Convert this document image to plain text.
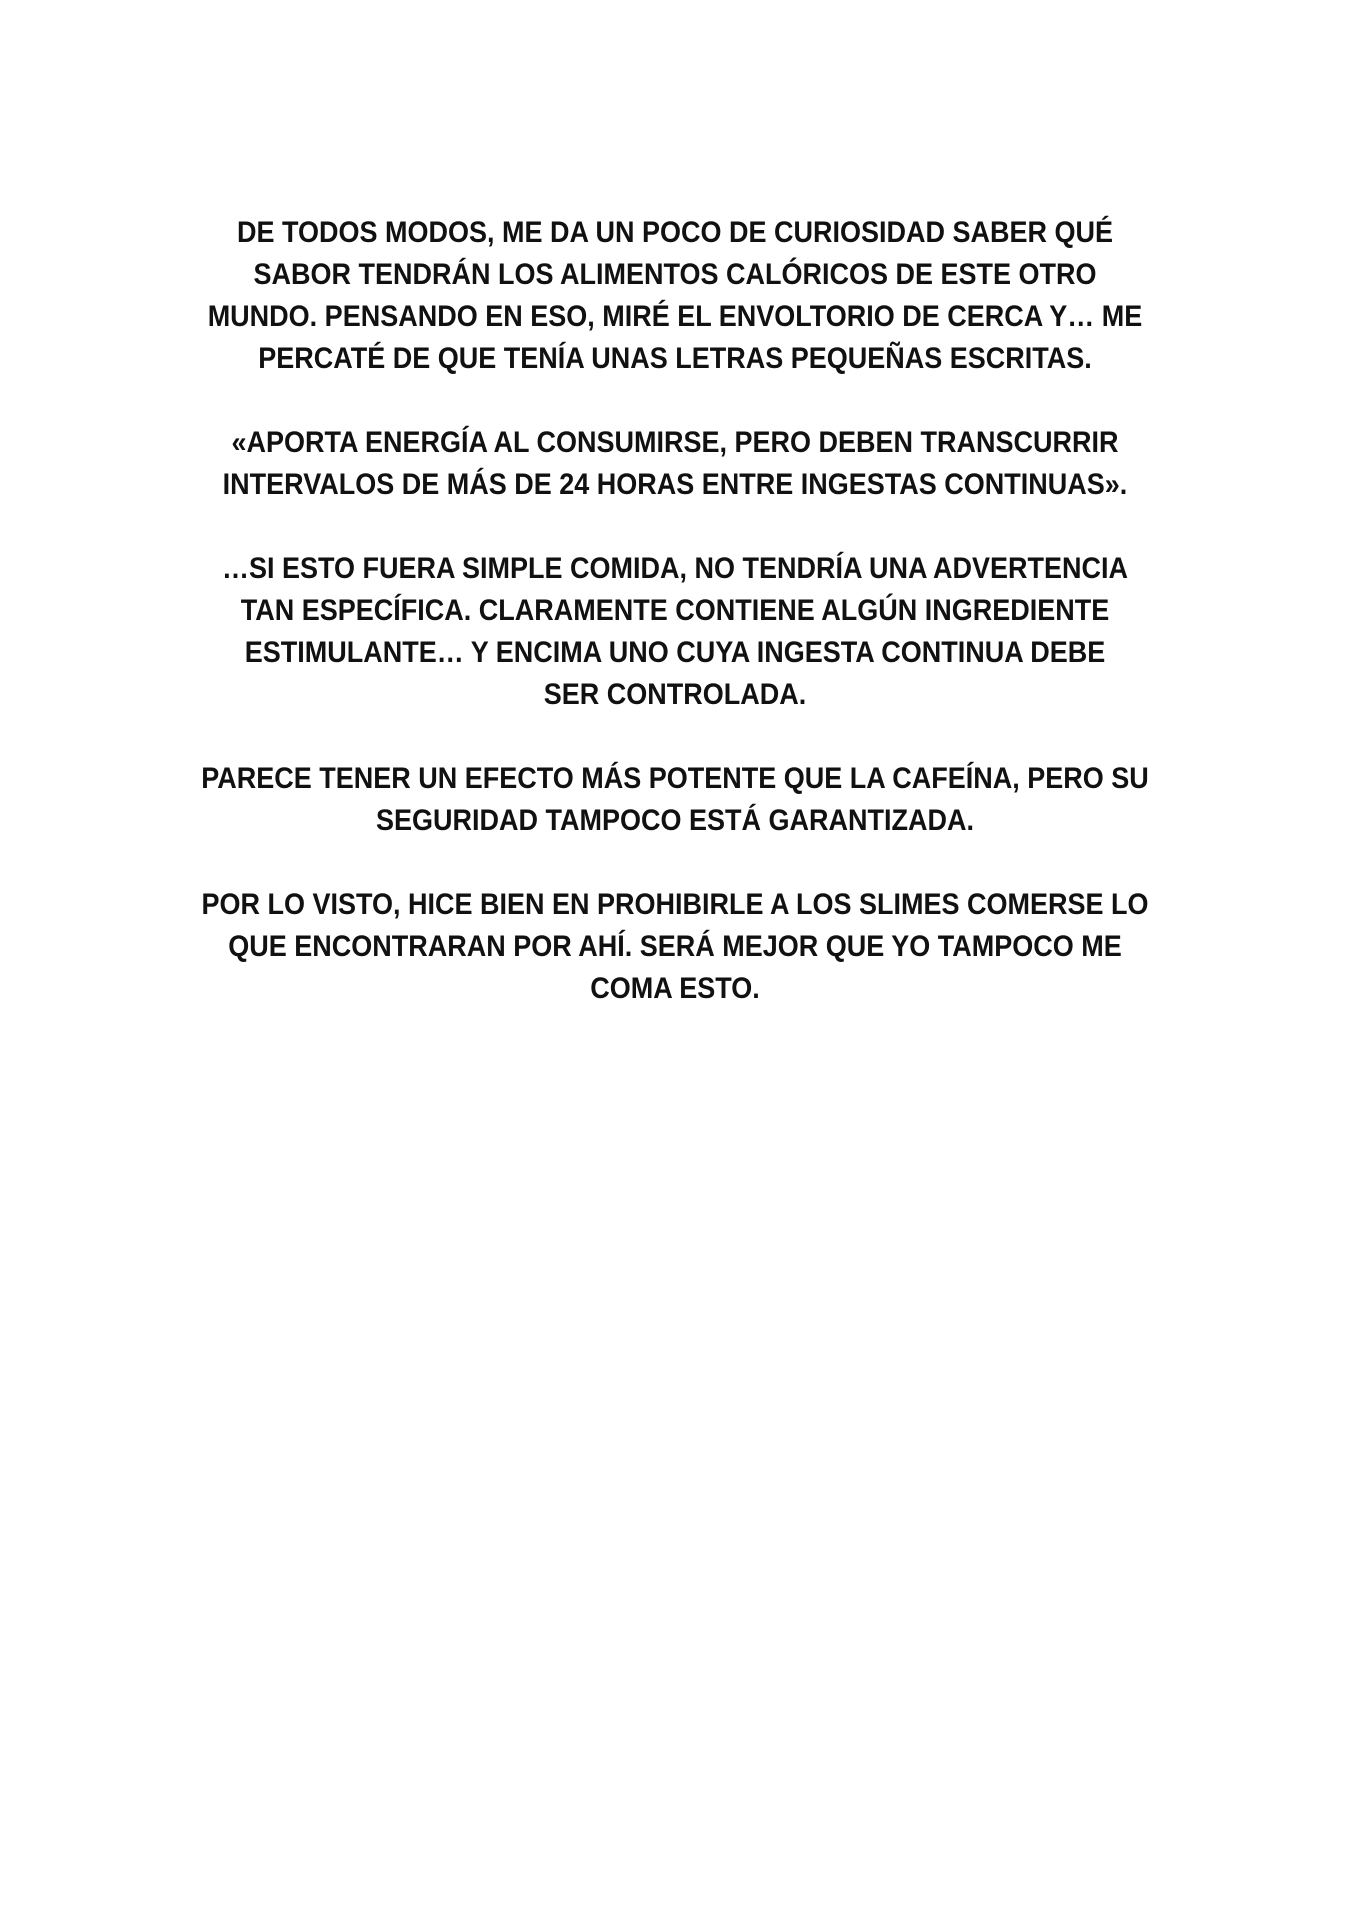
DE TODOS MODOS, ME DA UN POCO DE CURIOSIDAD SABER QUÉ
SABOR TENDRÁN LOS ALIMENTOS CALÓRICOS DE ESTE OTRO
MUNDO. PENSANDO EN ESO, MIRÉ EL ENVOLTORIO DE CERCA Y… ME
PERCATÉ DE QUE TENÍA UNAS LETRAS PEQUEÑAS ESCRITAS.

«APORTA ENERGÍA AL CONSUMIRSE, PERO DEBEN TRANSCURRIR
INTERVALOS DE MÁS DE 24 HORAS ENTRE INGESTAS CONTINUAS».

…SI ESTO FUERA SIMPLE COMIDA, NO TENDRÍA UNA ADVERTENCIA
TAN ESPECÍFICA. CLARAMENTE CONTIENE ALGÚN INGREDIENTE
ESTIMULANTE… Y ENCIMA UNO CUYA INGESTA CONTINUA DEBE
SER CONTROLADA.

PARECE TENER UN EFECTO MÁS POTENTE QUE LA CAFEÍNA, PERO SU
SEGURIDAD TAMPOCO ESTÁ GARANTIZADA.

POR LO VISTO, HICE BIEN EN PROHIBIRLE A LOS SLIMES COMERSE LO
QUE ENCONTRARAN POR AHÍ. SERÁ MEJOR QUE YO TAMPOCO ME
COMA ESTO.
